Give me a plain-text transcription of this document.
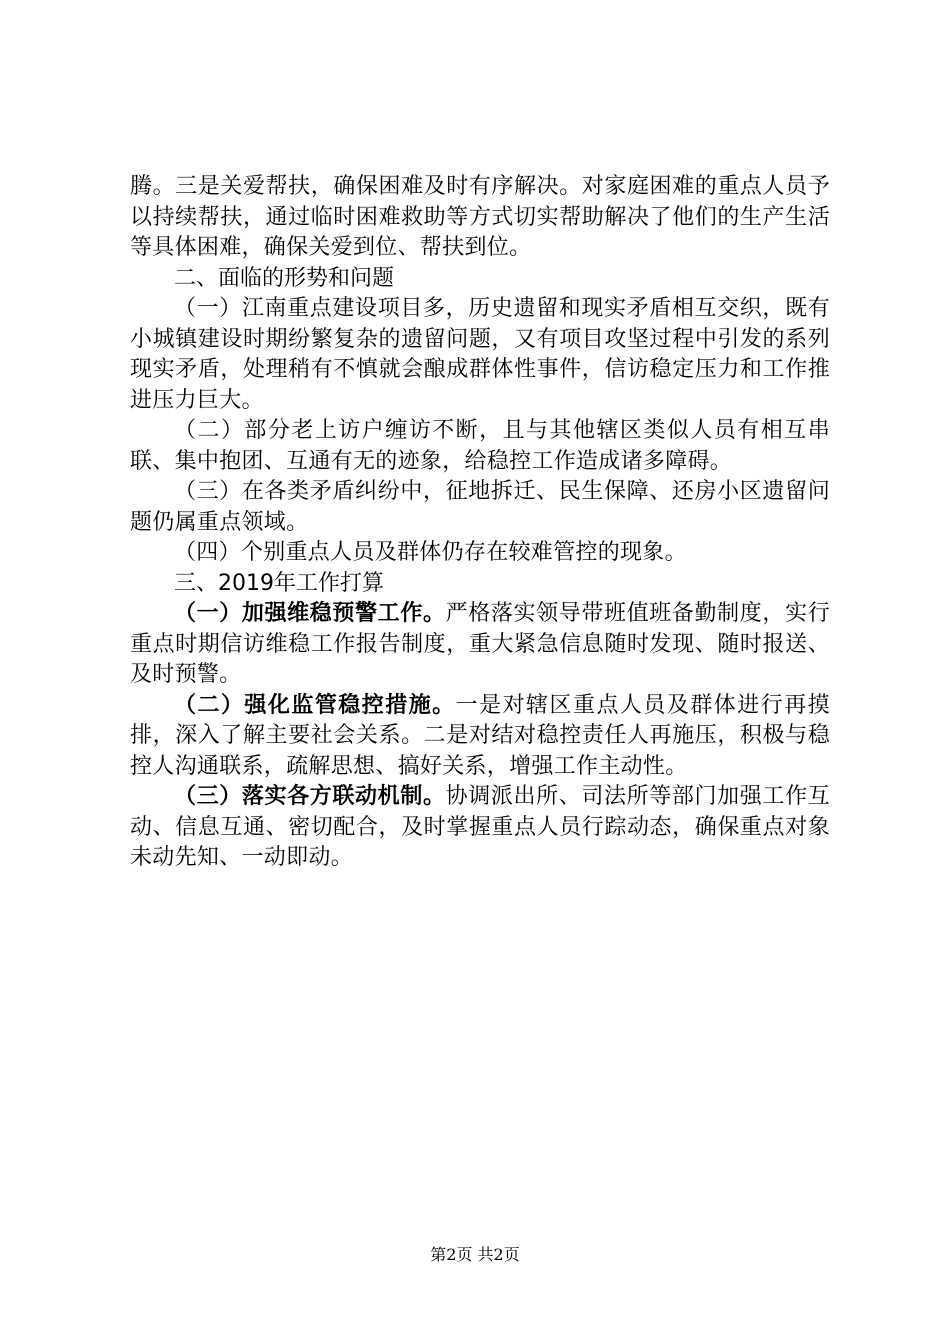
腾。三是关爱帮扶，确保困难及时有序解决。对家庭困难的重点人员予以持续帮扶，通过临时困难救助等方式切实帮助解决了他们的生产生活等具体困难，确保关爱到位、帮扶到位。

二、面临的形势和问题

（一）江南重点建设项目多，历史遗留和现实矛盾相互交织，既有小城镇建设时期纷繁复杂的遗留问题，又有项目攻坚过程中引发的系列现实矛盾，处理稍有不慎就会酿成群体性事件，信访稳定压力和工作推进压力巨大。

（二）部分老上访户缠访不断，且与其他辖区类似人员有相互串联、集中抱团、互通有无的迹象，给稳控工作造成诸多障碍。

（三）在各类矛盾纠纷中，征地拆迁、民生保障、还房小区遗留问题仍属重点领域。

（四）个别重点人员及群体仍存在较难管控的现象。

三、2019年工作打算

（一）加强维稳预警工作。严格落实领导带班值班备勤制度，实行重点时期信访维稳工作报告制度，重大紧急信息随时发现、随时报送、及时预警。

（二）强化监管稳控措施。一是对辖区重点人员及群体进行再摸排，深入了解主要社会关系。二是对结对稳控责任人再施压，积极与稳控人沟通联系，疏解思想、搞好关系，增强工作主动性。

（三）落实各方联动机制。协调派出所、司法所等部门加强工作互动、信息互通、密切配合，及时掌握重点人员行踪动态，确保重点对象未动先知、一动即动。

第2页 共2页
